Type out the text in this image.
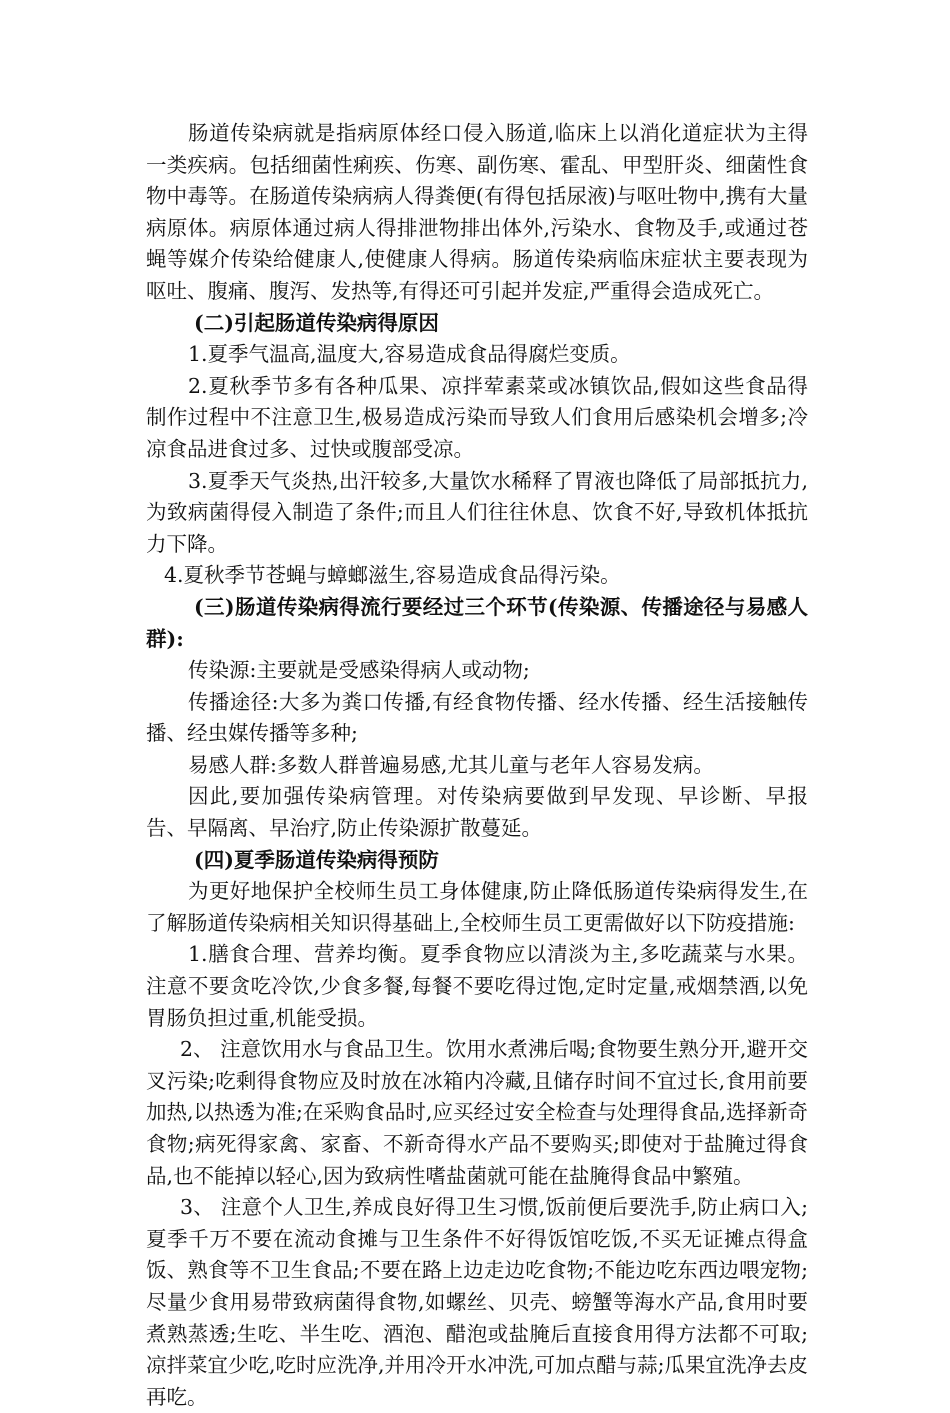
肠道传染病就是指病原体经口侵入肠道,临床上以消化道症状为主得一类疾病。包括细菌性痢疾、伤寒、副伤寒、霍乱、甲型肝炎、细菌性食物中毒等。在肠道传染病病人得粪便(有得包括尿液)与呕吐物中,携有大量病原体。病原体通过病人得排泄物排出体外,污染水、食物及手,或通过苍蝇等媒介传染给健康人,使健康人得病。肠道传染病临床症状主要表现为呕吐、腹痛、腹泻、发热等,有得还可引起并发症,严重得会造成死亡。

(二)引起肠道传染病得原因

1.夏季气温高,温度大,容易造成食品得腐烂变质。

2.夏秋季节多有各种瓜果、凉拌荤素菜或冰镇饮品,假如这些食品得制作过程中不注意卫生,极易造成污染而导致人们食用后感染机会增多;冷凉食品进食过多、过快或腹部受凉。

3.夏季天气炎热,出汗较多,大量饮水稀释了胃液也降低了局部抵抗力,为致病菌得侵入制造了条件;而且人们往往休息、饮食不好,导致机体抵抗力下降。

4.夏秋季节苍蝇与蟑螂滋生,容易造成食品得污染。

(三)肠道传染病得流行要经过三个环节(传染源、传播途径与易感人群):

传染源:主要就是受感染得病人或动物;

传播途径:大多为粪口传播,有经食物传播、经水传播、经生活接触传播、经虫媒传播等多种;

易感人群:多数人群普遍易感,尤其儿童与老年人容易发病。

因此,要加强传染病管理。对传染病要做到早发现、早诊断、早报告、早隔离、早治疗,防止传染源扩散蔓延。

(四)夏季肠道传染病得预防

为更好地保护全校师生员工身体健康,防止降低肠道传染病得发生,在了解肠道传染病相关知识得基础上,全校师生员工更需做好以下防疫措施:

1.膳食合理、营养均衡。夏季食物应以清淡为主,多吃蔬菜与水果。注意不要贪吃冷饮,少食多餐,每餐不要吃得过饱,定时定量,戒烟禁酒,以免胃肠负担过重,机能受损。

2、 注意饮用水与食品卫生。饮用水煮沸后喝;食物要生熟分开,避开交叉污染;吃剩得食物应及时放在冰箱内冷藏,且储存时间不宜过长,食用前要加热,以热透为准;在采购食品时,应买经过安全检查与处理得食品,选择新奇食物;病死得家禽、家畜、不新奇得水产品不要购买;即使对于盐腌过得食品,也不能掉以轻心,因为致病性嗜盐菌就可能在盐腌得食品中繁殖。

3、 注意个人卫生,养成良好得卫生习惯,饭前便后要洗手,防止病口入;夏季千万不要在流动食摊与卫生条件不好得饭馆吃饭,不买无证摊点得盒饭、熟食等不卫生食品;不要在路上边走边吃食物;不能边吃东西边喂宠物;尽量少食用易带致病菌得食物,如螺丝、贝壳、螃蟹等海水产品,食用时要煮熟蒸透;生吃、半生吃、酒泡、醋泡或盐腌后直接食用得方法都不可取;凉拌菜宜少吃,吃时应洗净,并用冷开水冲洗,可加点醋与蒜;瓜果宜洗净去皮再吃。
